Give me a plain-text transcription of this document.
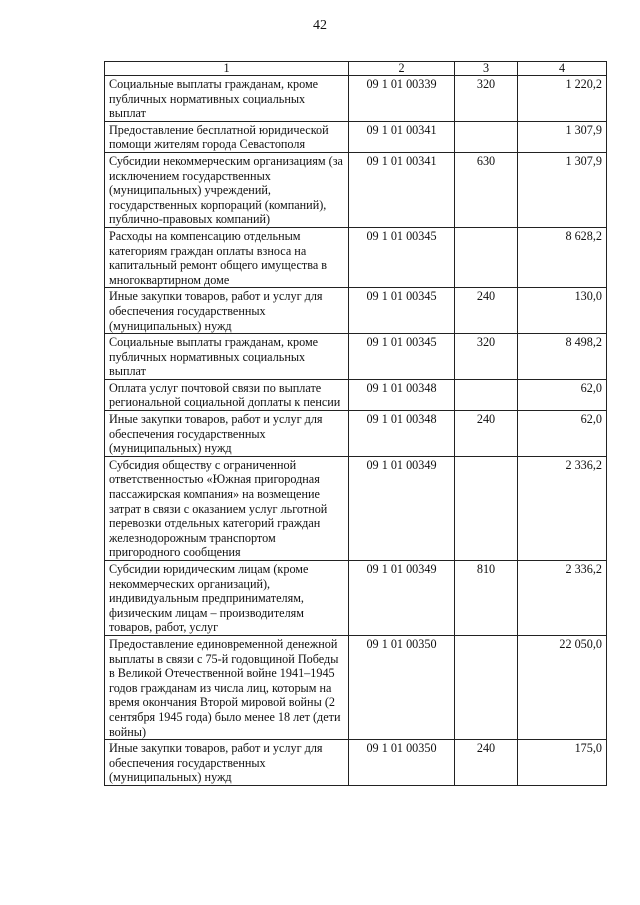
42
1	2	3	4
Социальные выплаты гражданам, кроме публичных нормативных социальных выплат	09 1 01 00339	320	1 220,2
Предоставление бесплатной юридической помощи жителям города Севастополя	09 1 01 00341		1 307,9
Субсидии некоммерческим организациям (за исключением государственных (муниципальных) учреждений, государственных корпораций (компаний), публично-правовых компаний)	09 1 01 00341	630	1 307,9
Расходы на компенсацию отдельным категориям граждан оплаты взноса на капитальный ремонт общего имущества в многоквартирном доме	09 1 01 00345		8 628,2
Иные закупки товаров, работ и услуг для обеспечения государственных (муниципальных) нужд	09 1 01 00345	240	130,0
Социальные выплаты гражданам, кроме публичных нормативных социальных выплат	09 1 01 00345	320	8 498,2
Оплата услуг почтовой связи по выплате региональной социальной доплаты к пенсии	09 1 01 00348		62,0
Иные закупки товаров, работ и услуг для обеспечения государственных (муниципальных) нужд	09 1 01 00348	240	62,0
Субсидия обществу с ограниченной ответственностью «Южная пригородная пассажирская компания» на возмещение затрат в связи с оказанием услуг льготной перевозки отдельных категорий граждан железнодорожным транспортом пригородного сообщения	09 1 01 00349		2 336,2
Субсидии юридическим лицам (кроме некоммерческих организаций), индивидуальным предпринимателям, физическим лицам – производителям товаров, работ, услуг	09 1 01 00349	810	2 336,2
Предоставление единовременной денежной выплаты в связи с 75-й годовщиной Победы в Великой Отечественной войне 1941–1945 годов гражданам из числа лиц, которым на время окончания Второй мировой войны (2 сентября 1945 года) было менее 18 лет (дети войны)	09 1 01 00350		22 050,0
Иные закупки товаров, работ и услуг для обеспечения государственных (муниципальных) нужд	09 1 01 00350	240	175,0
